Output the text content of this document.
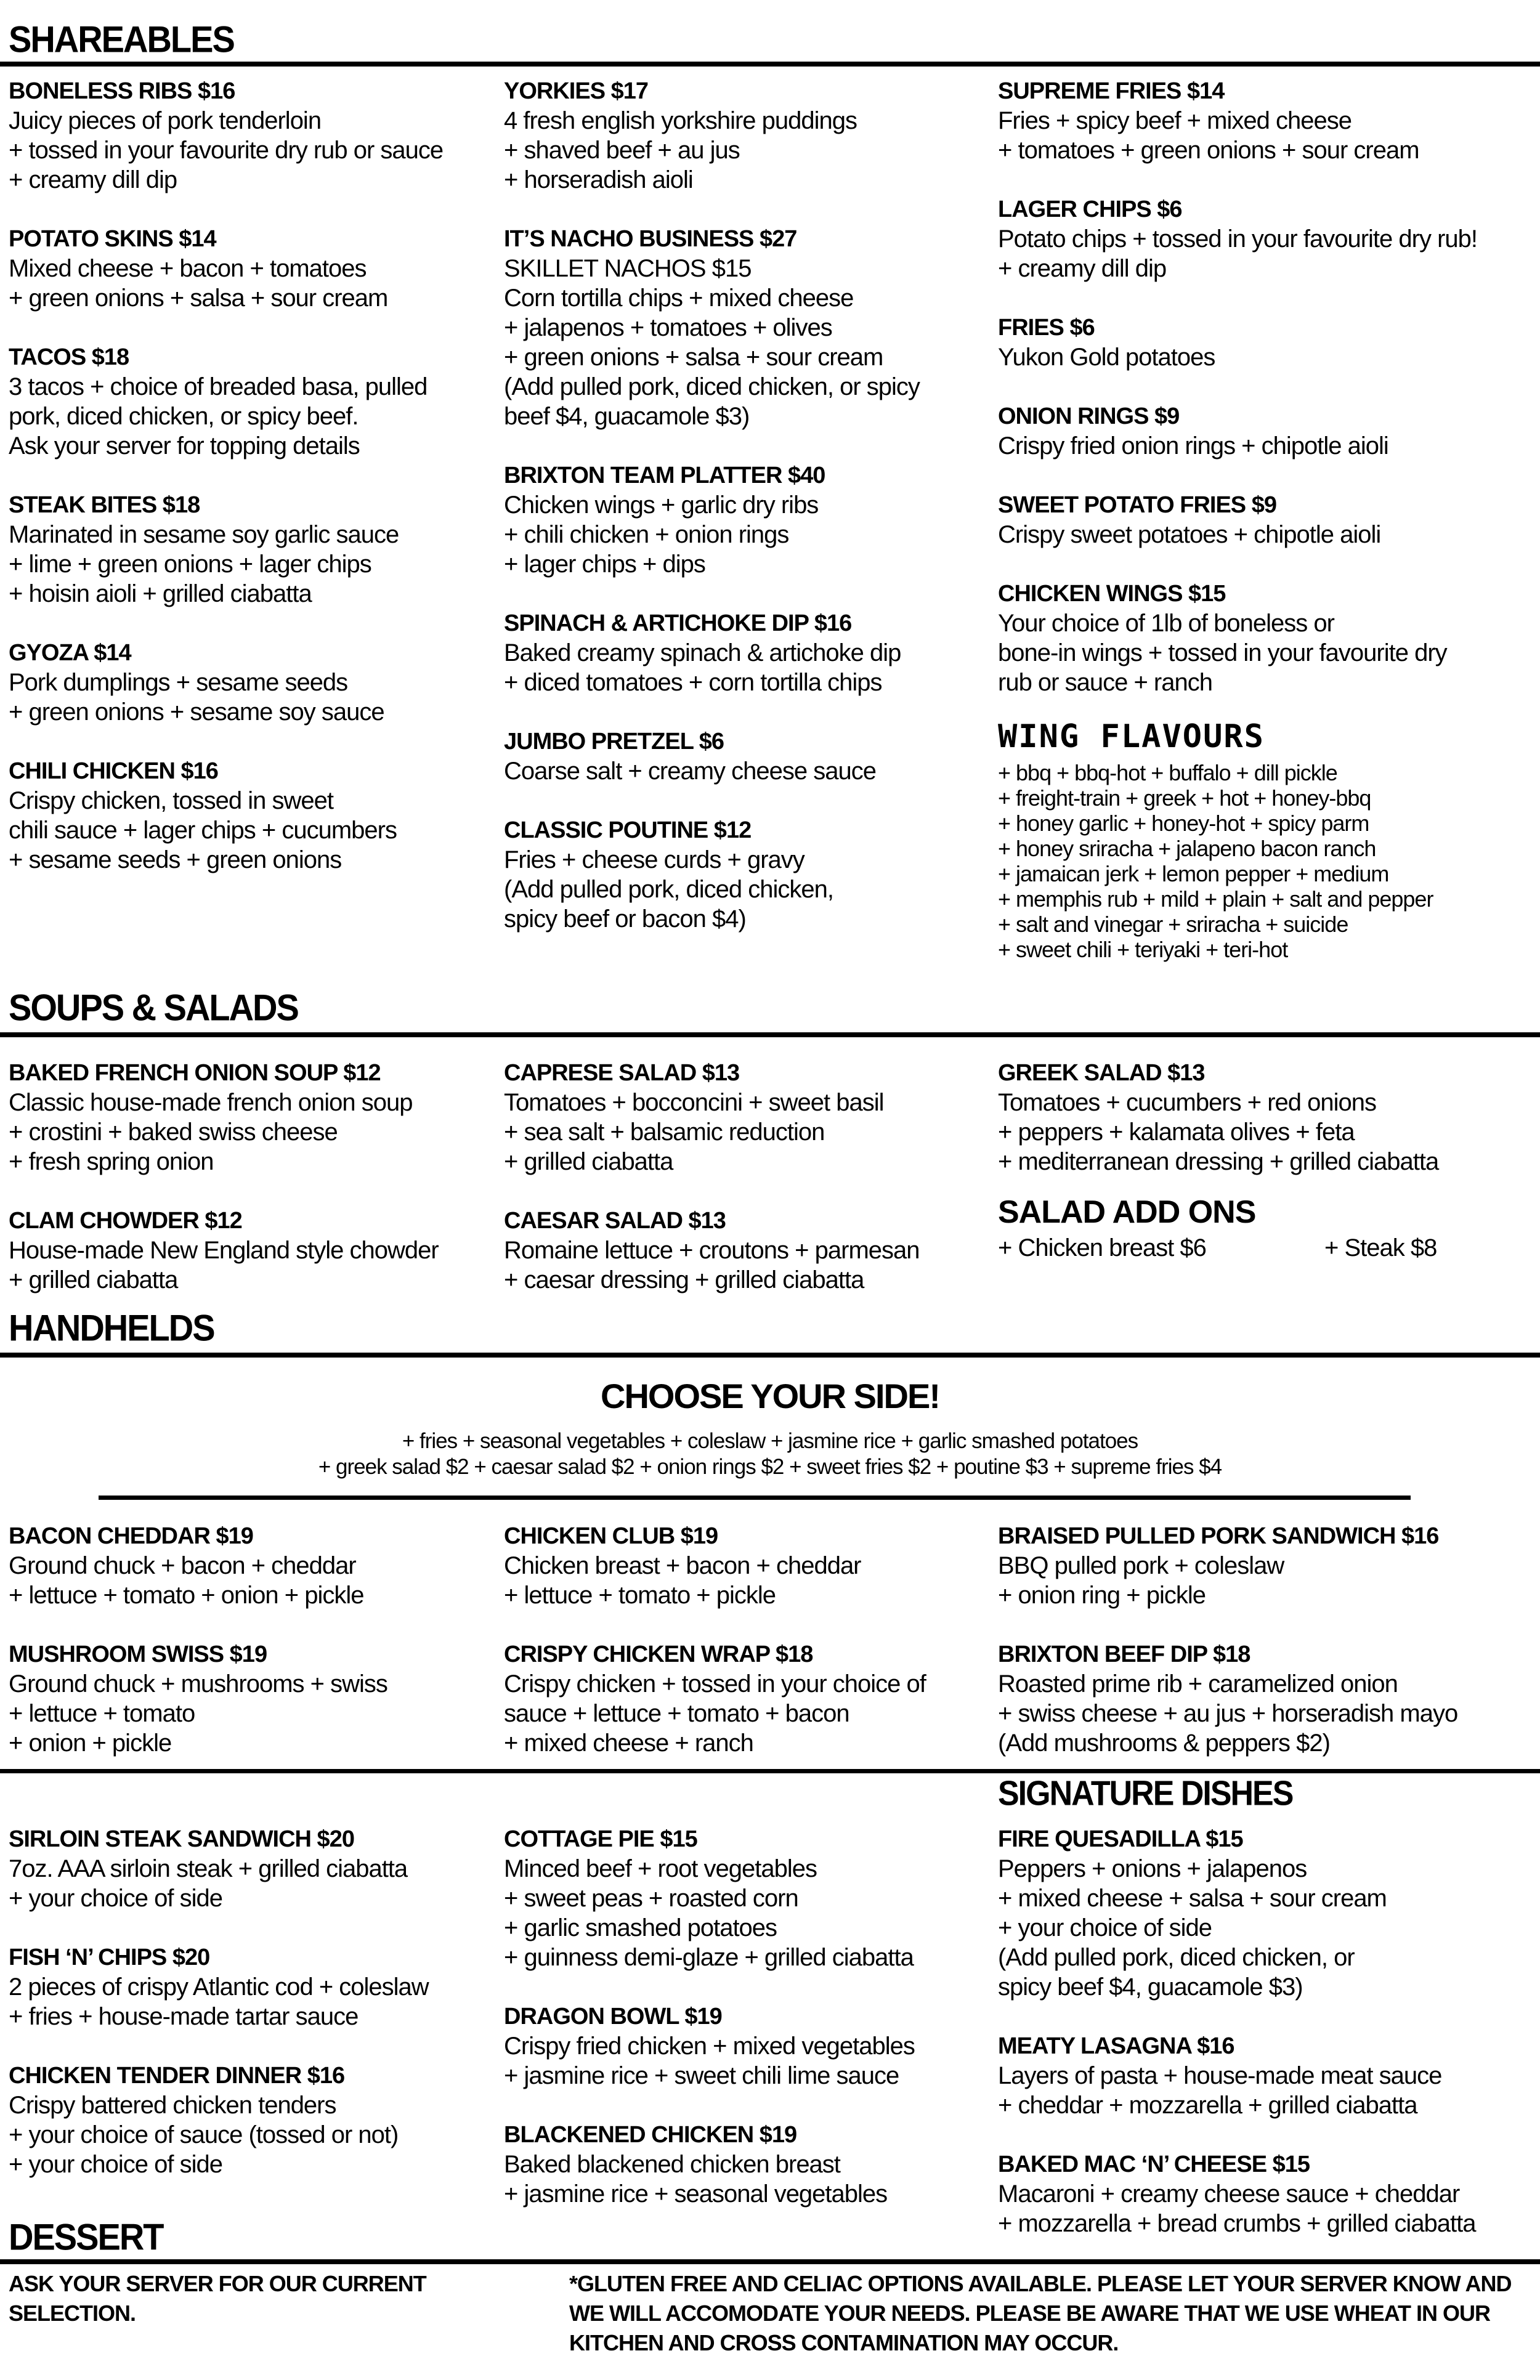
SHAREABLES
BONELESS RIBS $16
Juicy pieces of pork tenderloin
+ tossed in your favourite dry rub or sauce
+ creamy dill dip
POTATO SKINS $14
Mixed cheese + bacon + tomatoes
+ green onions + salsa + sour cream
TACOS $18
3 tacos + choice of breaded basa, pulled
pork, diced chicken, or spicy beef.
Ask your server for topping details
STEAK BITES $18
Marinated in sesame soy garlic sauce
+ lime + green onions + lager chips
+ hoisin aioli + grilled ciabatta
GYOZA $14
Pork dumplings + sesame seeds
+ green onions + sesame soy sauce
CHILI CHICKEN $16
Crispy chicken, tossed in sweet
chili sauce + lager chips + cucumbers
+ sesame seeds + green onions
YORKIES $17
4 fresh english yorkshire puddings
+ shaved beef + au jus
+ horseradish aioli
IT’S NACHO BUSINESS $27
SKILLET NACHOS $15
Corn tortilla chips + mixed cheese
+ jalapenos + tomatoes + olives
+ green onions + salsa + sour cream
(Add pulled pork, diced chicken, or spicy
beef $4, guacamole $3)
BRIXTON TEAM PLATTER $40
Chicken wings + garlic dry ribs
+ chili chicken + onion rings
+ lager chips + dips
SPINACH & ARTICHOKE DIP $16
Baked creamy spinach & artichoke dip
+ diced tomatoes + corn tortilla chips
JUMBO PRETZEL $6
Coarse salt + creamy cheese sauce
CLASSIC POUTINE $12
Fries + cheese curds + gravy
(Add pulled pork, diced chicken,
spicy beef or bacon $4)
SUPREME FRIES $14
Fries + spicy beef + mixed cheese
+ tomatoes + green onions + sour cream
LAGER CHIPS $6
Potato chips + tossed in your favourite dry rub!
+ creamy dill dip
FRIES $6
Yukon Gold potatoes
ONION RINGS $9
Crispy fried onion rings + chipotle aioli
SWEET POTATO FRIES $9
Crispy sweet potatoes + chipotle aioli
CHICKEN WINGS $15
Your choice of 1lb of boneless or
bone-in wings + tossed in your favourite dry
rub or sauce + ranch
WING FLAVOURS
+ bbq + bbq-hot + buffalo + dill pickle
+ freight-train + greek + hot + honey-bbq
+ honey garlic + honey-hot + spicy parm
+ honey sriracha + jalapeno bacon ranch
+ jamaican jerk + lemon pepper + medium
+ memphis rub + mild + plain + salt and pepper
+ salt and vinegar + sriracha + suicide
+ sweet chili + teriyaki + teri-hot
SOUPS & SALADS
BAKED FRENCH ONION SOUP $12
Classic house-made french onion soup
+ crostini + baked swiss cheese
+ fresh spring onion
CLAM CHOWDER $12
House-made New England style chowder
+ grilled ciabatta
CAPRESE SALAD $13
Tomatoes + bocconcini + sweet basil
+ sea salt + balsamic reduction
+ grilled ciabatta
CAESAR SALAD $13
Romaine lettuce + croutons + parmesan
+ caesar dressing + grilled ciabatta
GREEK SALAD $13
Tomatoes + cucumbers + red onions
+ peppers + kalamata olives + feta
+ mediterranean dressing + grilled ciabatta
SALAD ADD ONS
+ Chicken breast $6	+ Steak $8
HANDHELDS
CHOOSE YOUR SIDE!
+ fries + seasonal vegetables + coleslaw + jasmine rice + garlic smashed potatoes
+ greek salad $2 + caesar salad $2 + onion rings $2 + sweet fries $2 + poutine $3 + supreme fries $4
BACON CHEDDAR $19
Ground chuck + bacon + cheddar
+ lettuce + tomato + onion + pickle
MUSHROOM SWISS $19
Ground chuck + mushrooms + swiss
+ lettuce + tomato
+ onion + pickle
CHICKEN CLUB $19
Chicken breast + bacon + cheddar
+ lettuce + tomato + pickle
CRISPY CHICKEN WRAP $18
Crispy chicken + tossed in your choice of
sauce + lettuce + tomato + bacon
+ mixed cheese + ranch
BRAISED PULLED PORK SANDWICH $16
BBQ pulled pork + coleslaw
+ onion ring + pickle
BRIXTON BEEF DIP $18
Roasted prime rib + caramelized onion
+ swiss cheese + au jus + horseradish mayo
(Add mushrooms & peppers $2)
SIGNATURE DISHES
SIRLOIN STEAK SANDWICH $20
7oz. AAA sirloin steak + grilled ciabatta
+ your choice of side
FISH ‘N’ CHIPS $20
2 pieces of crispy Atlantic cod + coleslaw
+ fries + house-made tartar sauce
CHICKEN TENDER DINNER $16
Crispy battered chicken tenders
+ your choice of sauce (tossed or not)
+ your choice of side
COTTAGE PIE $15
Minced beef + root vegetables
+ sweet peas + roasted corn
+ garlic smashed potatoes
+ guinness demi-glaze + grilled ciabatta
DRAGON BOWL $19
Crispy fried chicken + mixed vegetables
+ jasmine rice + sweet chili lime sauce
BLACKENED CHICKEN $19
Baked blackened chicken breast
+ jasmine rice + seasonal vegetables
FIRE QUESADILLA $15
Peppers + onions + jalapenos
+ mixed cheese + salsa + sour cream
+ your choice of side
(Add pulled pork, diced chicken, or
spicy beef $4, guacamole $3)
MEATY LASAGNA $16
Layers of pasta + house-made meat sauce
+ cheddar + mozzarella + grilled ciabatta
BAKED MAC ‘N’ CHEESE $15
Macaroni + creamy cheese sauce + cheddar
+ mozzarella + bread crumbs + grilled ciabatta
DESSERT
ASK YOUR SERVER FOR OUR CURRENT
SELECTION.
*GLUTEN FREE AND CELIAC OPTIONS AVAILABLE. PLEASE LET YOUR SERVER KNOW AND
WE WILL ACCOMODATE YOUR NEEDS. PLEASE BE AWARE THAT WE USE WHEAT IN OUR
KITCHEN AND CROSS CONTAMINATION MAY OCCUR.
